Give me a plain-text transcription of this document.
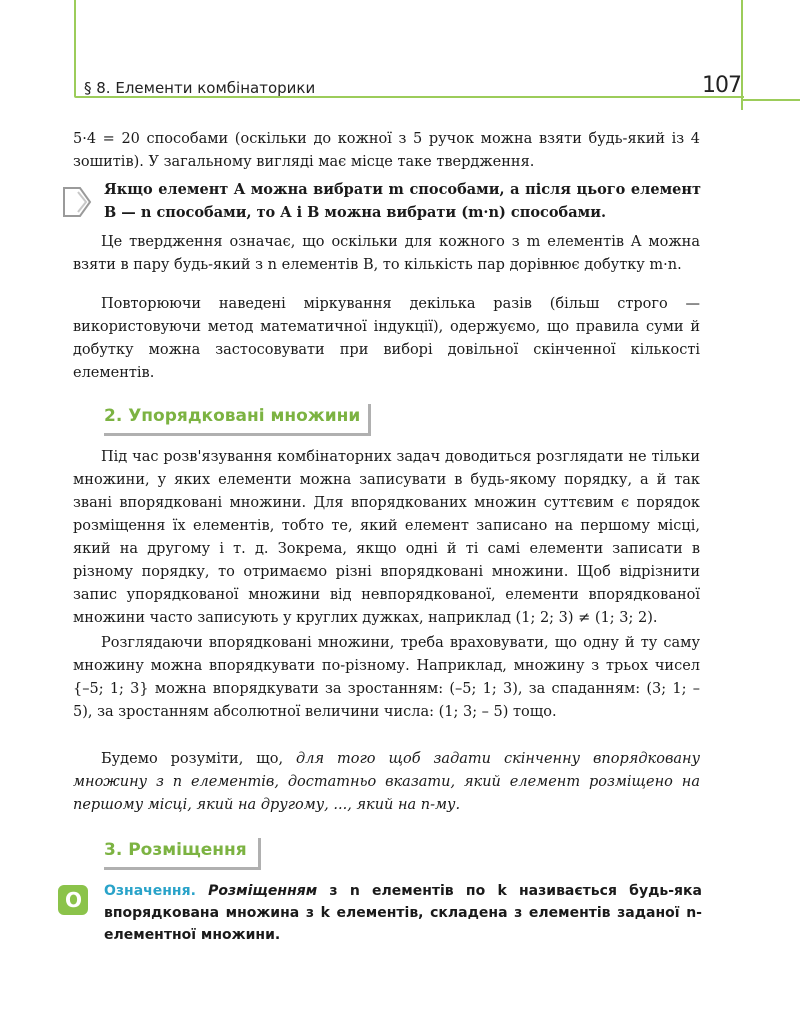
§ 8. Елементи комбінаторики	107

5·4 = 20 способами (оскільки до кожної з 5 ручок можна взяти будь-який із 4 зошитів). У загальному вигляді має місце таке твердження.

Якщо елемент A можна вибрати m способами, а після цього елемент B — n способами, то A і B можна вибрати (m·n) способами.

Це твердження означає, що оскільки для кожного з m елементів A можна взяти в пару будь-який з n елементів B, то кількість пар дорівнює добутку m·n.

Повторюючи наведені міркування декілька разів (більш строго — використовуючи метод математичної індукції), одержуємо, що правила суми й добутку можна застосовувати при виборі довільної скінченної кількості елементів.

2. Упорядковані множини

Під час розв'язування комбінаторних задач доводиться розглядати не тільки множини, у яких елементи можна записувати в будь-якому порядку, а й так звані впорядковані множини. Для впорядкованих множин суттєвим є порядок розміщення їх елементів, тобто те, який елемент записано на першому місці, який на другому і т. д. Зокрема, якщо одні й ті самі елементи записати в різному порядку, то отримаємо різні впорядковані множини. Щоб відрізнити запис упорядкованої множини від невпорядкованої, елементи впорядкованої множини часто записують у круглих дужках, наприклад (1; 2; 3) ≠ (1; 3; 2).

Розглядаючи впорядковані множини, треба враховувати, що одну й ту саму множину можна впорядкувати по-різному. Наприклад, множину з трьох чисел {–5; 1; 3} можна впорядкувати за зростанням: (–5; 1; 3), за спаданням: (3; 1; – 5), за зростанням абсолютної величини числа: (1; 3; – 5) тощо.

Будемо розуміти, що, для того щоб задати скінченну впорядковану множину з n елементів, достатньо вказати, який елемент розміщено на першому місці, який на другому, ..., який на n-му.

3. Розміщення
О Означення. Розміщенням з n елементів по k називається будь-яка впорядкована множина з k елементів, складена з елементів заданої n-елементної множини.
